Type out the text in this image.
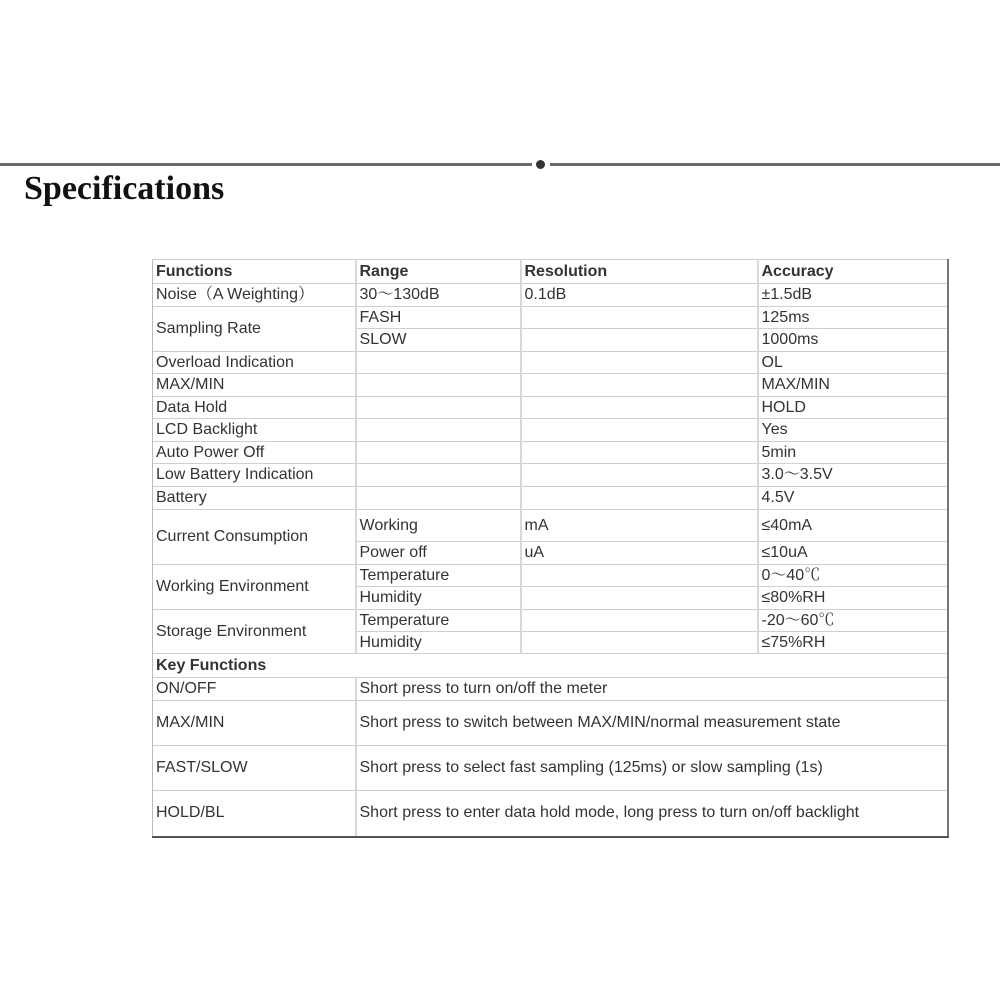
Specifications
Functions	Range	Resolution	Accuracy
Noise（A Weighting）	30～130dB	0.1dB	±1.5dB
Sampling Rate	FASH		125ms
	SLOW		1000ms
Overload Indication			OL
MAX/MIN			MAX/MIN
Data Hold			HOLD
LCD Backlight			Yes
Auto Power Off			5min
Low Battery Indication			3.0～3.5V
Battery			4.5V
Current Consumption	Working	mA	≤40mA
	Power off	uA	≤10uA
Working Environment	Temperature		0～40℃
	Humidity		≤80%RH
Storage Environment	Temperature		-20～60℃
	Humidity		≤75%RH
Key Functions			
ON/OFF	Short press to turn on/off the meter		
MAX/MIN	Short press to switch between MAX/MIN/normal measurement state		
FAST/SLOW	Short press to select fast sampling (125ms) or slow sampling (1s)		
HOLD/BL	Short press to enter data hold mode, long press to turn on/off backlight		
